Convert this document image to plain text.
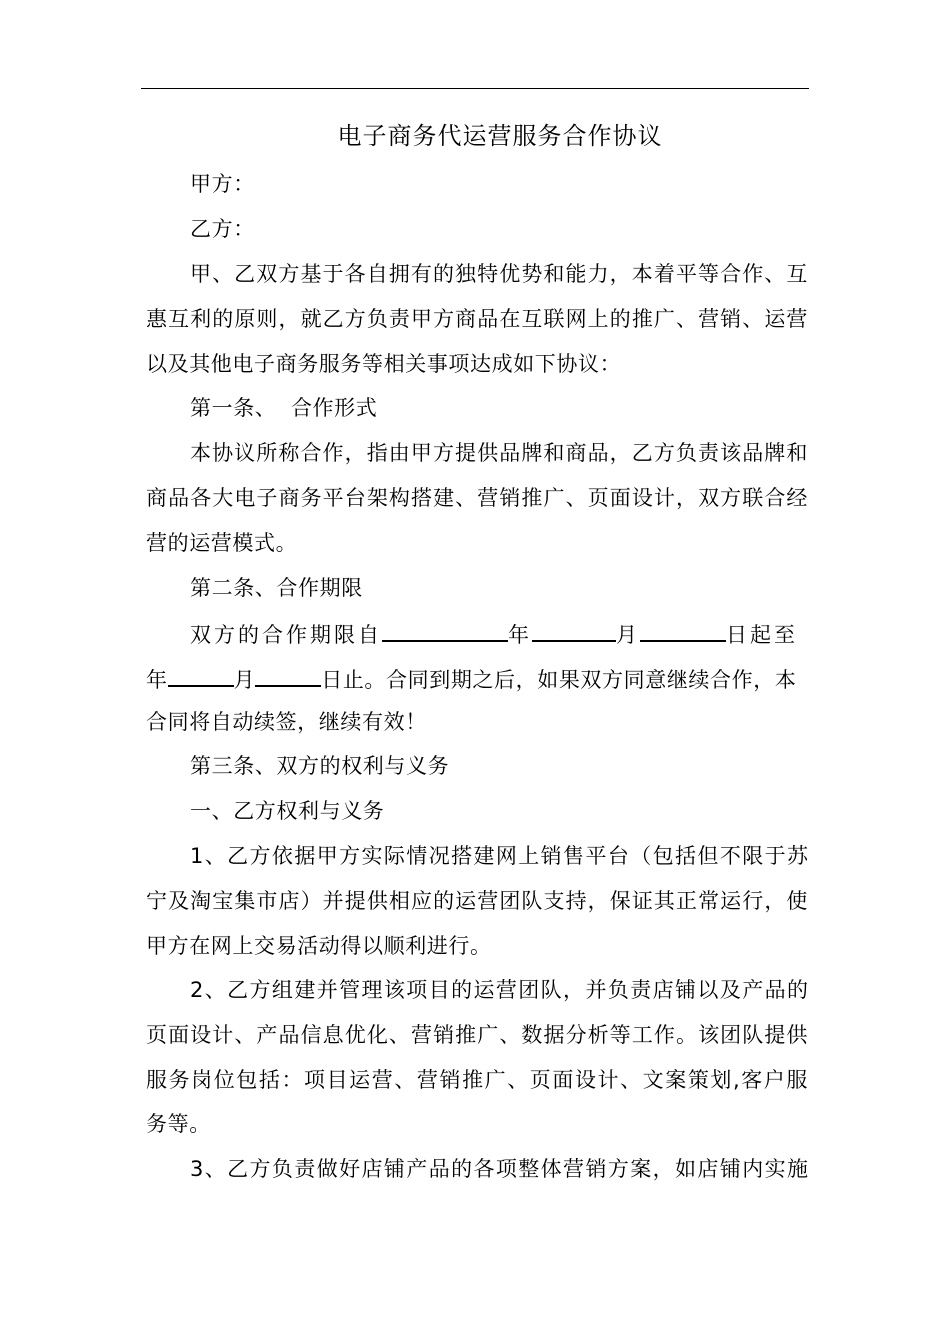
电子商务代运营服务合作协议
甲方：
乙方：
甲、乙双方基于各自拥有的独特优势和能力，本着平等合作、互
惠互利的原则，就乙方负责甲方商品在互联网上的推广、营销、运营
以及其他电子商务服务等相关事项达成如下协议：
第一条、  合作形式
本协议所称合作，指由甲方提供品牌和商品，乙方负责该品牌和
商品各大电子商务平台架构搭建、营销推广、页面设计，双方联合经
营的运营模式。
第二条、合作期限
双方的合作期限自	年	月	日起至
年	月	日止。合同到期之后，如果双方同意继续合作，本
合同将自动续签，继续有效！
第三条、双方的权利与义务
一、乙方权利与义务
1、乙方依据甲方实际情况搭建网上销售平台（包括但不限于苏
宁及淘宝集市店）并提供相应的运营团队支持，保证其正常运行，使
甲方在网上交易活动得以顺利进行。
2、乙方组建并管理该项目的运营团队，并负责店铺以及产品的
页面设计、产品信息优化、营销推广、数据分析等工作。该团队提供
服务岗位包括：项目运营、营销推广、页面设计、文案策划,客户服
务等。
3、乙方负责做好店铺产品的各项整体营销方案，如店铺内实施
